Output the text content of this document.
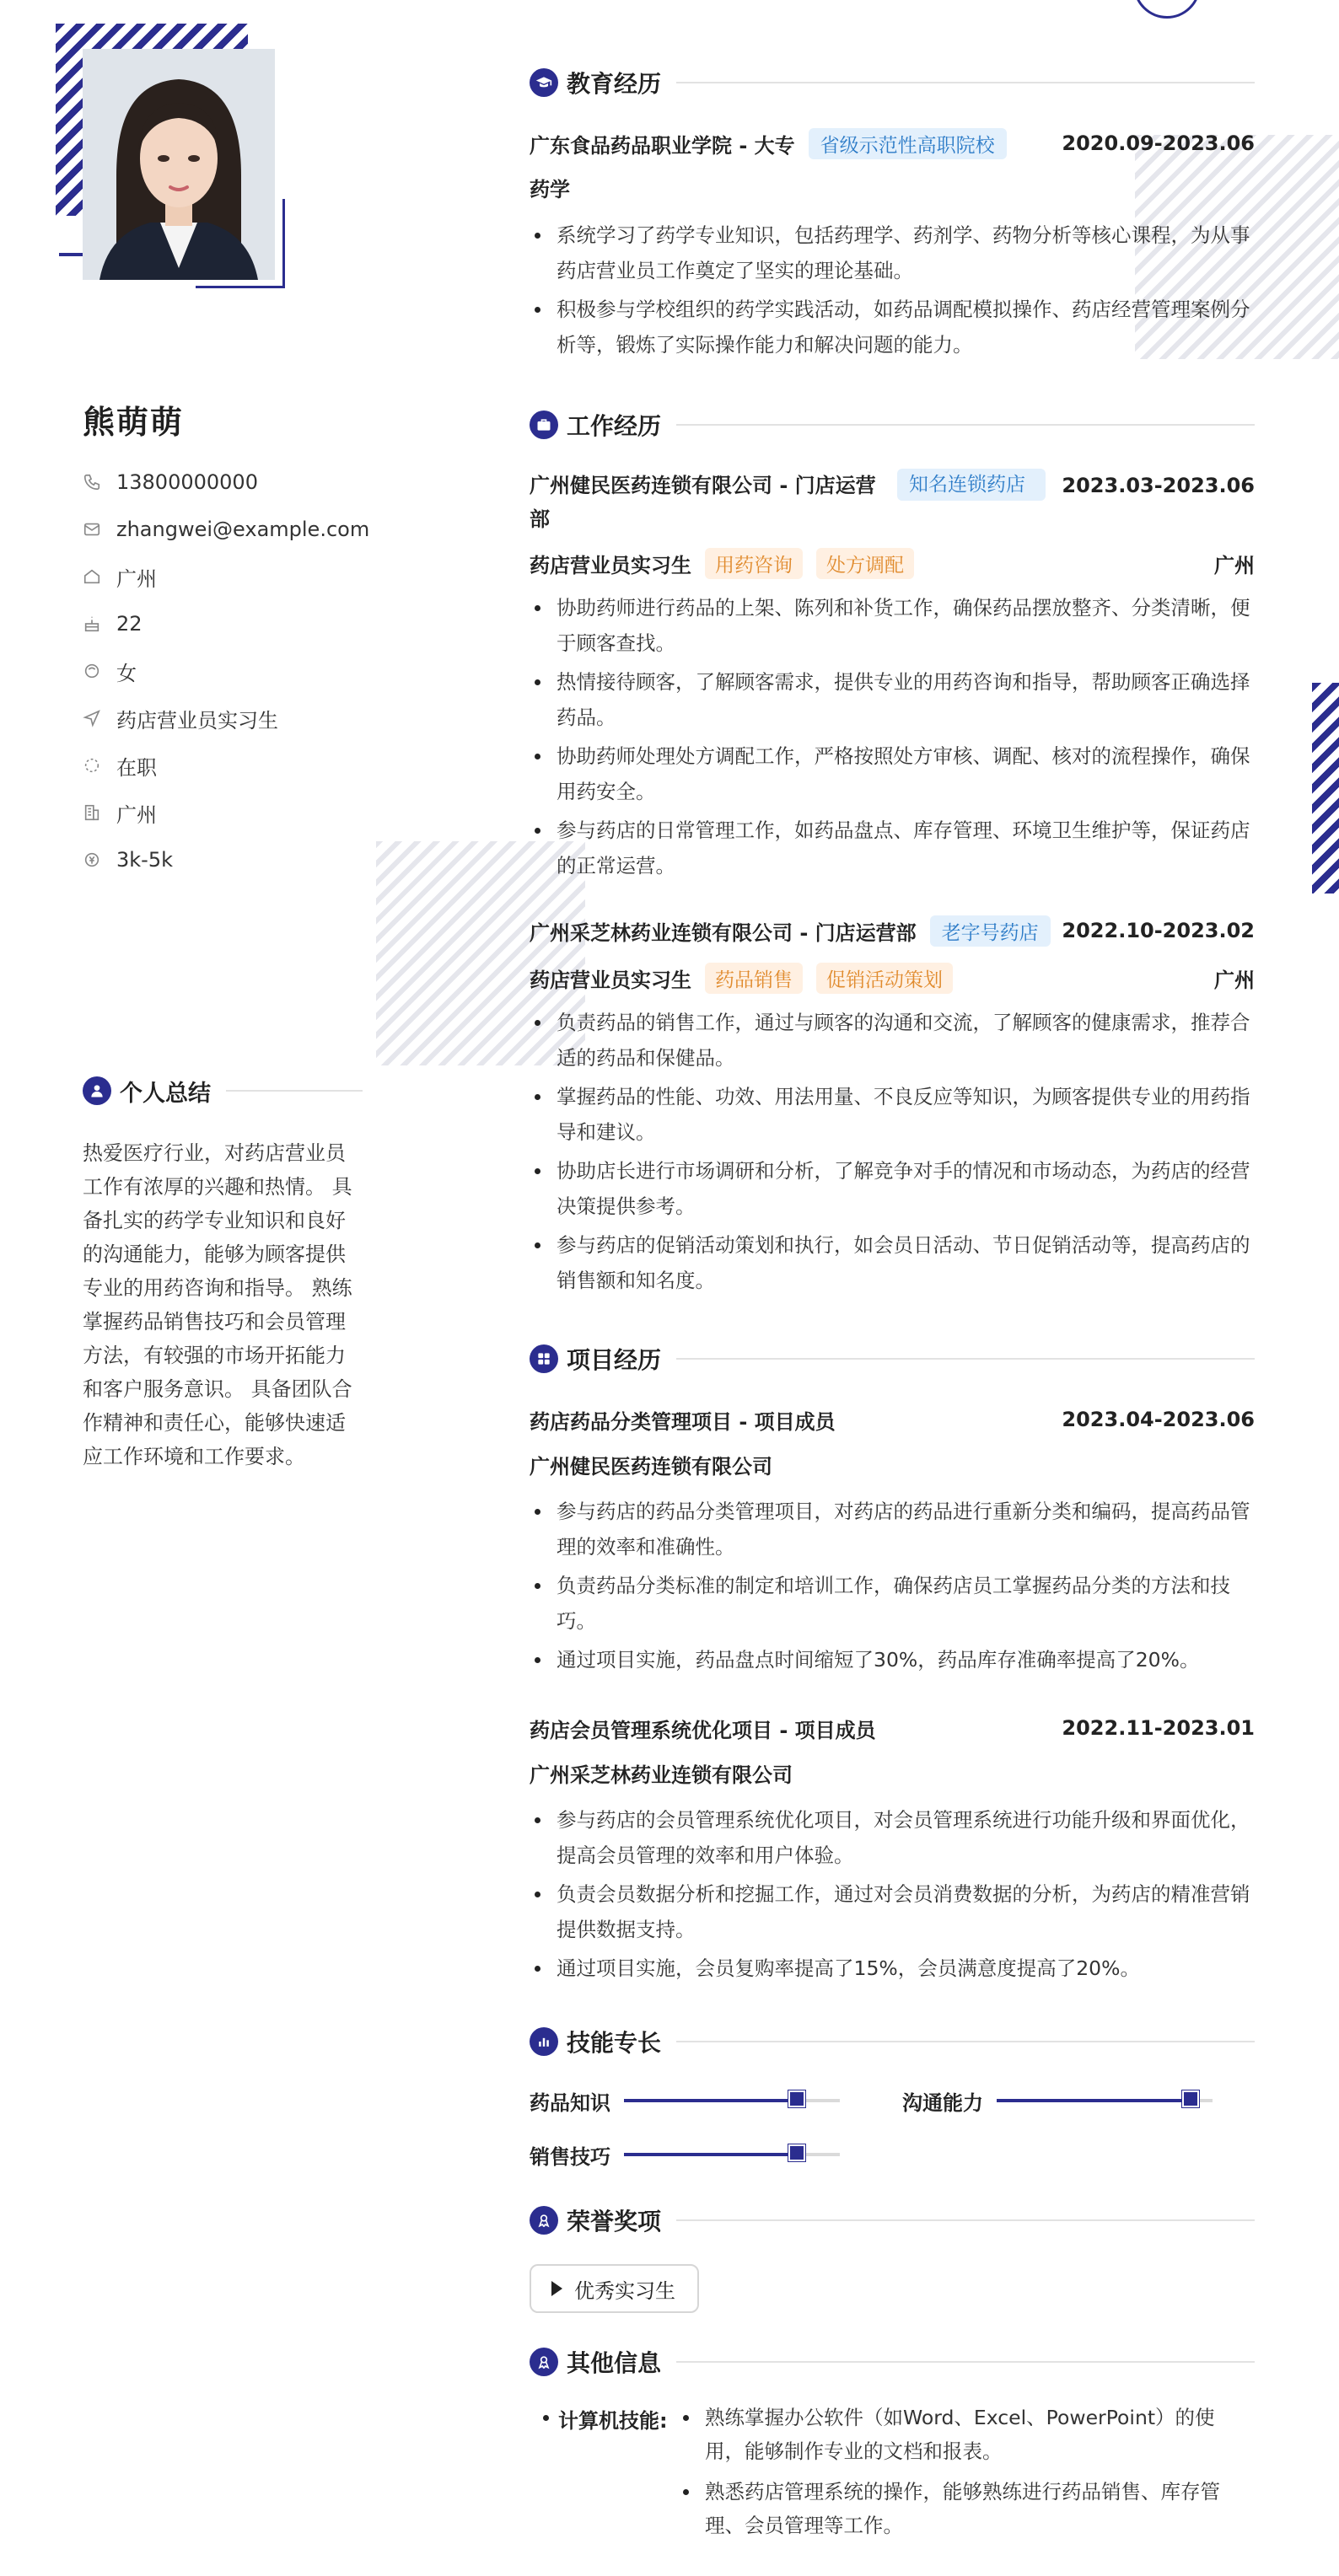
熊萌萌
13800000000
zhangwei@example.com
广州
22
女
药店营业员实习生
在职
广州
3k-5k
个人总结
热爱医疗行业，对药店营业员工作有浓厚的兴趣和热情。 具备扎实的药学专业知识和良好的沟通能力，能够为顾客提供专业的用药咨询和指导。 熟练掌握药品销售技巧和会员管理方法，有较强的市场开拓能力和客户服务意识。 具备团队合作精神和责任心，能够快速适应工作环境和工作要求。
教育经历
广东食品药品职业学院 - 大专	省级示范性高职院校	2020.09-2023.06
药学
系统学习了药学专业知识，包括药理学、药剂学、药物分析等核心课程，为从事药店营业员工作奠定了坚实的理论基础。
积极参与学校组织的药学实践活动，如药品调配模拟操作、药店经营管理案例分析等，锻炼了实际操作能力和解决问题的能力。
工作经历
广州健民医药连锁有限公司 - 门店运营部
知名连锁药店	2023.03-2023.06
药店营业员实习生	用药咨询	处方调配	广州
协助药师进行药品的上架、陈列和补货工作，确保药品摆放整齐、分类清晰，便于顾客查找。
热情接待顾客，了解顾客需求，提供专业的用药咨询和指导，帮助顾客正确选择药品。
协助药师处理处方调配工作，严格按照处方审核、调配、核对的流程操作，确保用药安全。
参与药店的日常管理工作，如药品盘点、库存管理、环境卫生维护等，保证药店的正常运营。
广州采芝林药业连锁有限公司 - 门店运营部	老字号药店	2022.10-2023.02
药店营业员实习生	药品销售	促销活动策划	广州
负责药品的销售工作，通过与顾客的沟通和交流，了解顾客的健康需求，推荐合适的药品和保健品。
掌握药品的性能、功效、用法用量、不良反应等知识，为顾客提供专业的用药指导和建议。
协助店长进行市场调研和分析，了解竞争对手的情况和市场动态，为药店的经营决策提供参考。
参与药店的促销活动策划和执行，如会员日活动、节日促销活动等，提高药店的销售额和知名度。
项目经历
药店药品分类管理项目 - 项目成员	2023.04-2023.06
广州健民医药连锁有限公司
参与药店的药品分类管理项目，对药店的药品进行重新分类和编码，提高药品管理的效率和准确性。
负责药品分类标准的制定和培训工作，确保药店员工掌握药品分类的方法和技巧。
通过项目实施，药品盘点时间缩短了30%，药品库存准确率提高了20%。
药店会员管理系统优化项目 - 项目成员	2022.11-2023.01
广州采芝林药业连锁有限公司
参与药店的会员管理系统优化项目，对会员管理系统进行功能升级和界面优化，提高会员管理的效率和用户体验。
负责会员数据分析和挖掘工作，通过对会员消费数据的分析，为药店的精准营销提供数据支持。
通过项目实施，会员复购率提高了15%，会员满意度提高了20%。
技能专长
药品知识	沟通能力
销售技巧
荣誉奖项
优秀实习生
其他信息
计算机技能:	熟练掌握办公软件（如Word、Excel、PowerPoint）的使用，能够制作专业的文档和报表。
熟悉药店管理系统的操作，能够熟练进行药品销售、库存管理、会员管理等工作。
